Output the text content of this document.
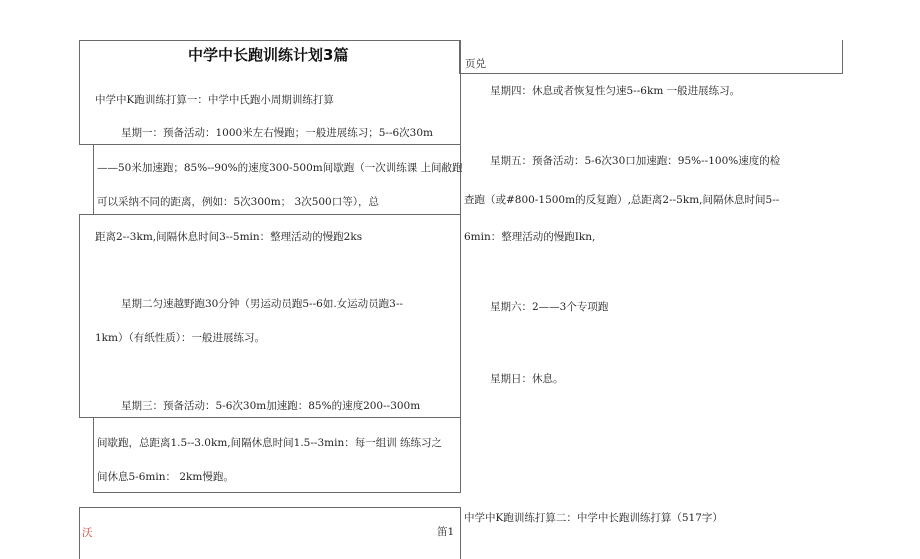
中学中长跑训练计划3篇	页兑
中学中K跑训练打算一：中学中氏跑小周期训练打算
星期一：预备活动：1000米左右慢跑；一般进展练习；5--6次30m
——50米加速跑；85%--90%的速度300-500m间歇跑（一次训练课 上间敝跑
可以采纳不同的距离，例如：5次300m； 3次500口等），总
距离2--3km,间隔休息时间3--5min：整理活动的慢跑2ks
星期二匀速越野跑30分钟（男运动员跑5--6如.女运动员跑3--
1km）（有纸性质）：一般进展练习。
星期三：预备活动：5-6次30m加速跑：85%的速度200--300m
间歇跑，总距离1.5--3.0km,间隔休息时间1.5--3min：每一组训 练练习之
间休息5-6min： 2km慢跑。
星期四：休息或者恢复性匀速5--6km 一般进展练习。
星期五：预备活动：5-6次30口加速跑：95%--100%速度的检
查跑（或#800-1500m的反复跑）,总距离2--5km,间隔休息时间5--
6min：整理活动的慢跑Ikn,
星期六：2——3个专项跑
星期日：休息。
中学中K跑训练打算二：中学中长跑训练打算（517字）
沃	笛1
